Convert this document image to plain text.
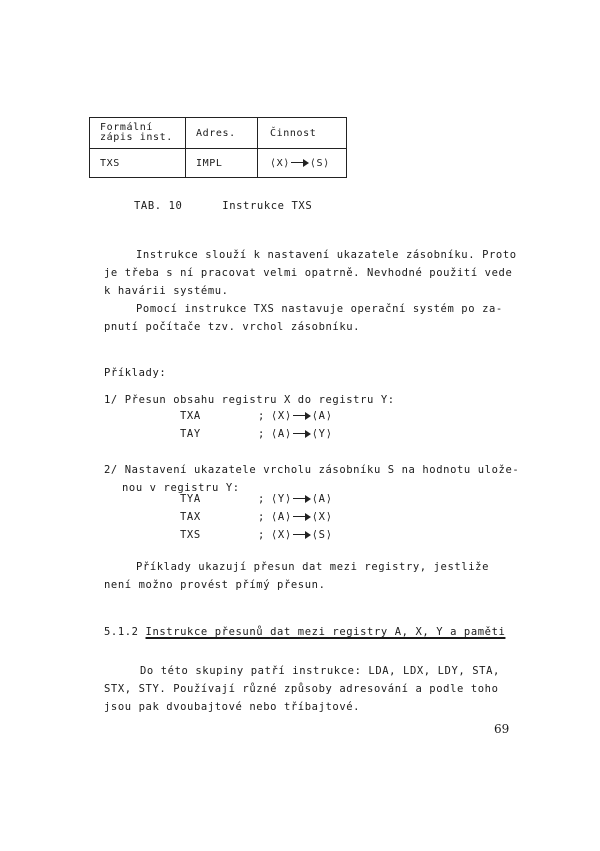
Formální
zápis inst.	Adres.	Činnost
TXS	IMPL	⟨X⟩ ⟨S⟩
TAB. 10	Instrukce TXS
Instrukce slouží k nastavení ukazatele zásobníku. Proto
je třeba s ní pracovat velmi opatrně. Nevhodné použití vede
k havárii systému.
Pomocí instrukce TXS nastavuje operační systém po za-
pnutí počítače tzv. vrchol zásobníku.
Příklady:
1/ Přesun obsahu registru X do registru Y:
TXA	; ⟨X⟩ ⟨A⟩
TAY	; ⟨A⟩ ⟨Y⟩
2/ Nastavení ukazatele vrcholu zásobníku S na hodnotu ulože-
nou v registru Y:
TYA	; ⟨Y⟩ ⟨A⟩
TAX	; ⟨A⟩ ⟨X⟩
TXS	; ⟨X⟩ ⟨S⟩
Příklady ukazují přesun dat mezi registry, jestliže
není možno provést přímý přesun.
5.1.2 Instrukce přesunů dat mezi registry A, X, Y a paměti
Do této skupiny patří instrukce: LDA, LDX, LDY, STA,
STX, STY. Používají různé způsoby adresování a podle toho
jsou pak dvoubajtové nebo tříbajtové.
69
